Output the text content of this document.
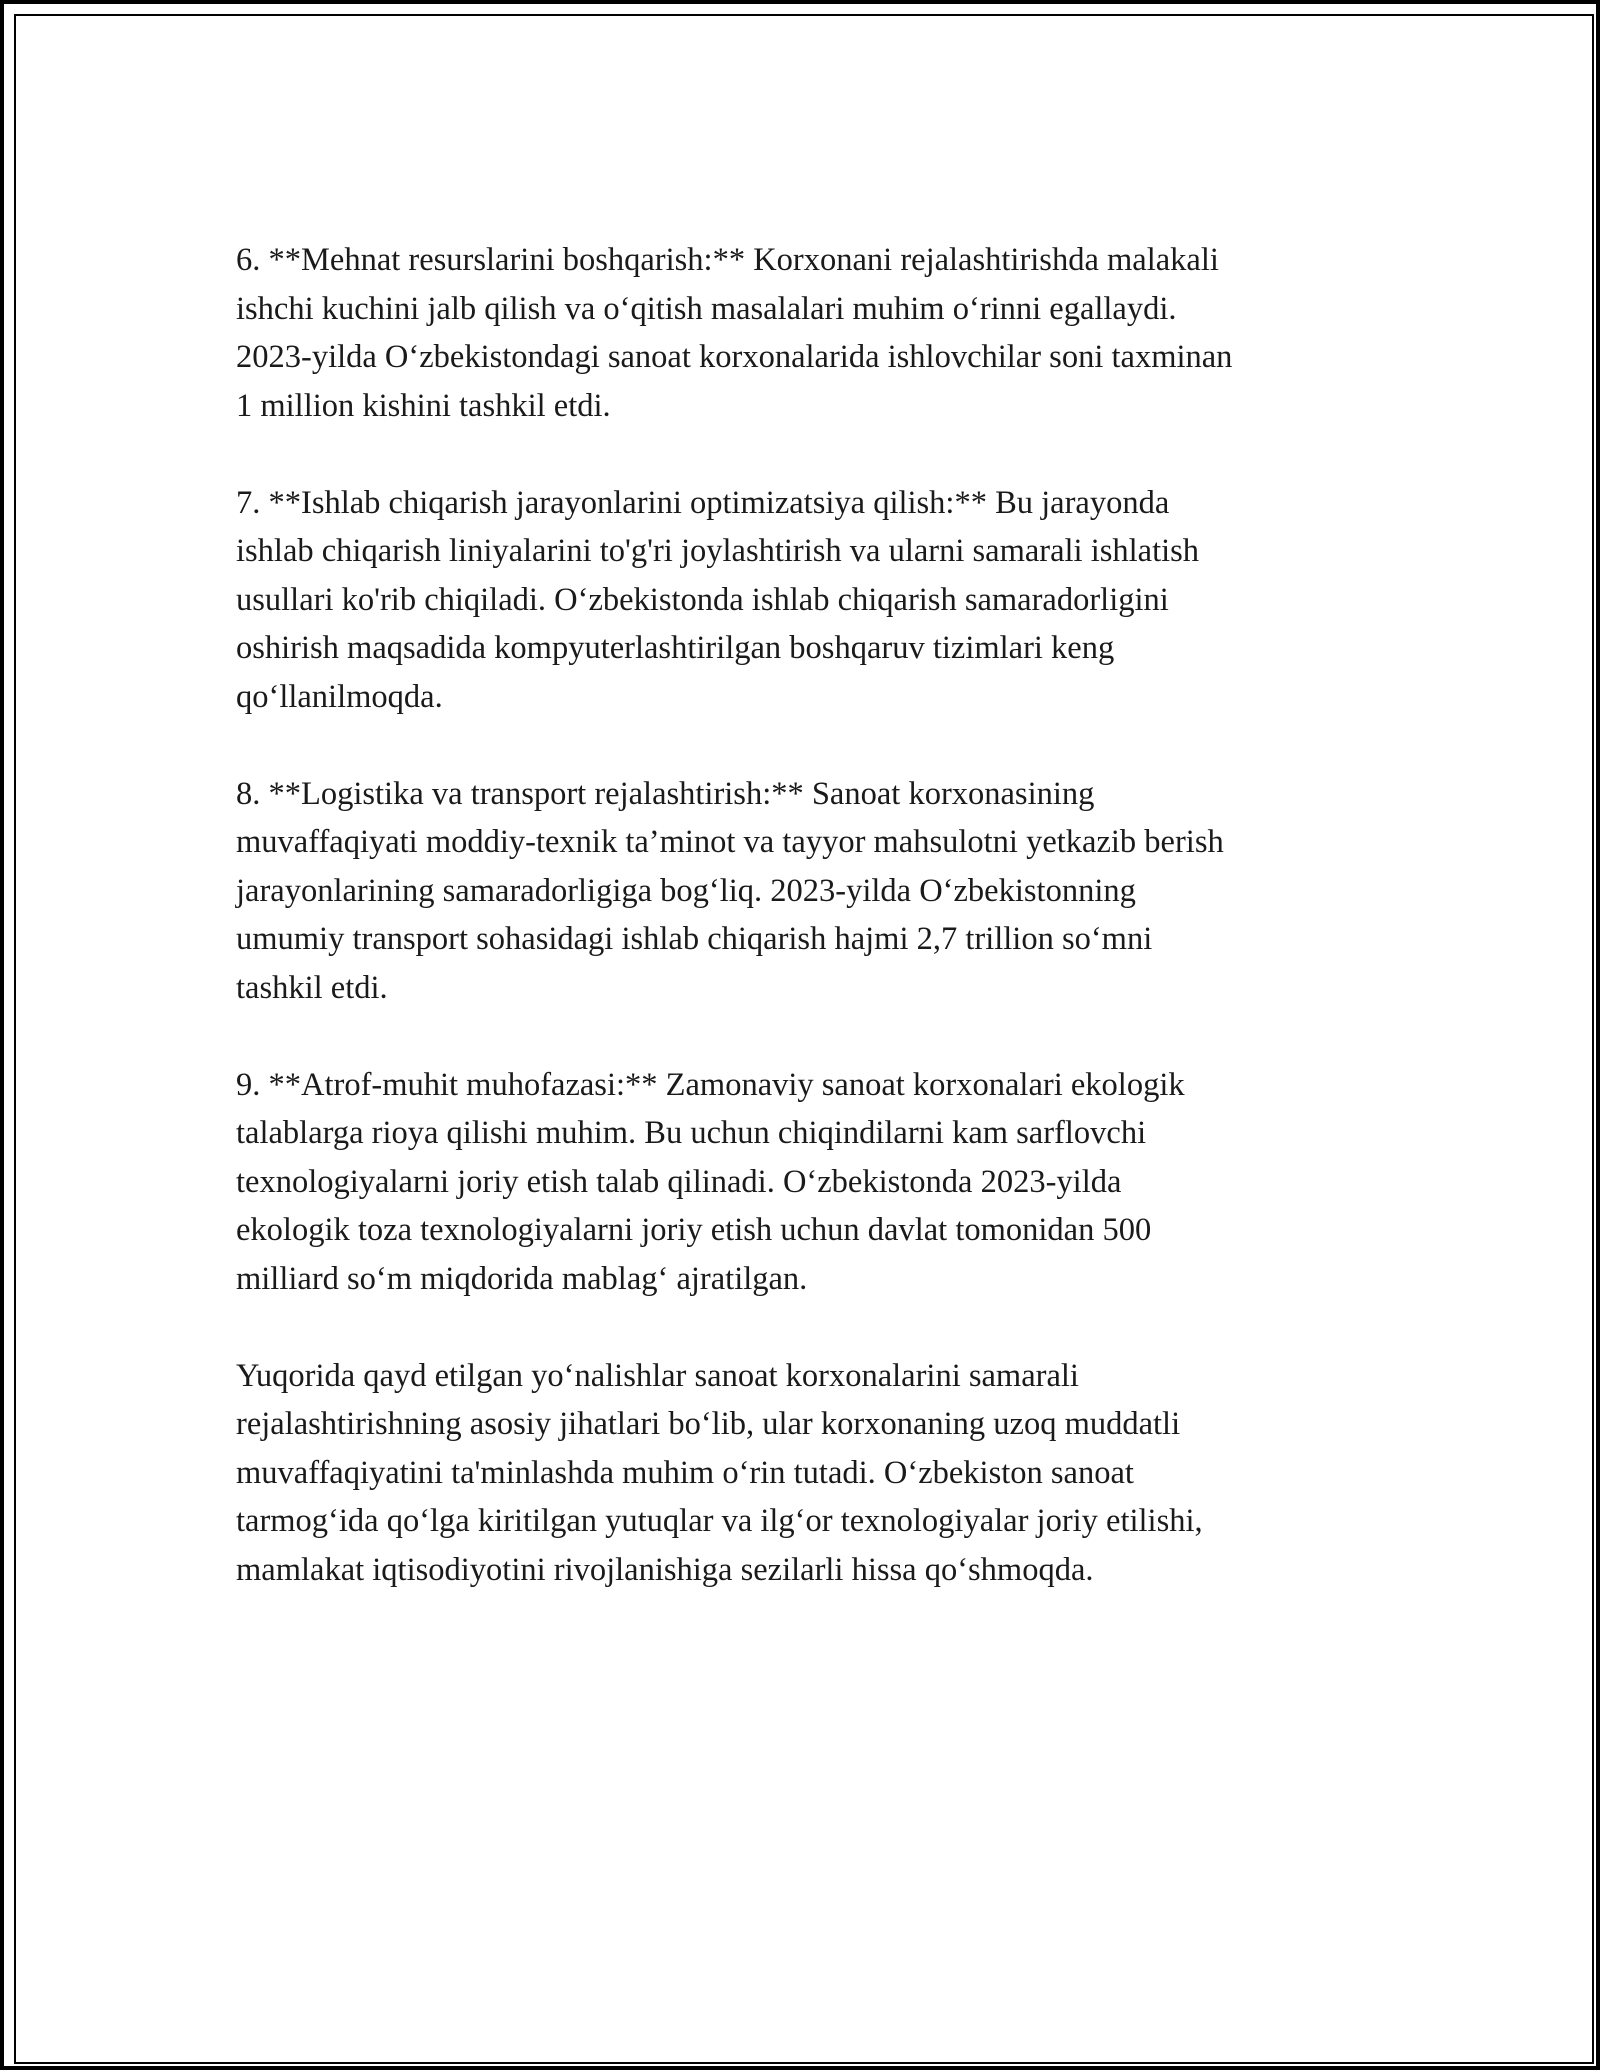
6. **Mehnat resurslarini boshqarish:** Korxonani rejalashtirishda malakali
ishchi kuchini jalb qilish va o‘qitish masalalari muhim o‘rinni egallaydi.
2023-yilda O‘zbekistondagi sanoat korxonalarida ishlovchilar soni taxminan
1 million kishini tashkil etdi.

7. **Ishlab chiqarish jarayonlarini optimizatsiya qilish:** Bu jarayonda
ishlab chiqarish liniyalarini to'g'ri joylashtirish va ularni samarali ishlatish
usullari ko'rib chiqiladi. O‘zbekistonda ishlab chiqarish samaradorligini
oshirish maqsadida kompyuterlashtirilgan boshqaruv tizimlari keng
qo‘llanilmoqda.

8. **Logistika va transport rejalashtirish:** Sanoat korxonasining
muvaffaqiyati moddiy-texnik ta’minot va tayyor mahsulotni yetkazib berish
jarayonlarining samaradorligiga bog‘liq. 2023-yilda O‘zbekistonning
umumiy transport sohasidagi ishlab chiqarish hajmi 2,7 trillion so‘mni
tashkil etdi.

9. **Atrof-muhit muhofazasi:** Zamonaviy sanoat korxonalari ekologik
talablarga rioya qilishi muhim. Bu uchun chiqindilarni kam sarflovchi
texnologiyalarni joriy etish talab qilinadi. O‘zbekistonda 2023-yilda
ekologik toza texnologiyalarni joriy etish uchun davlat tomonidan 500
milliard so‘m miqdorida mablag‘ ajratilgan.

Yuqorida qayd etilgan yo‘nalishlar sanoat korxonalarini samarali
rejalashtirishning asosiy jihatlari bo‘lib, ular korxonaning uzoq muddatli
muvaffaqiyatini ta'minlashda muhim o‘rin tutadi. O‘zbekiston sanoat
tarmog‘ida qo‘lga kiritilgan yutuqlar va ilg‘or texnologiyalar joriy etilishi,
mamlakat iqtisodiyotini rivojlanishiga sezilarli hissa qo‘shmoqda.
